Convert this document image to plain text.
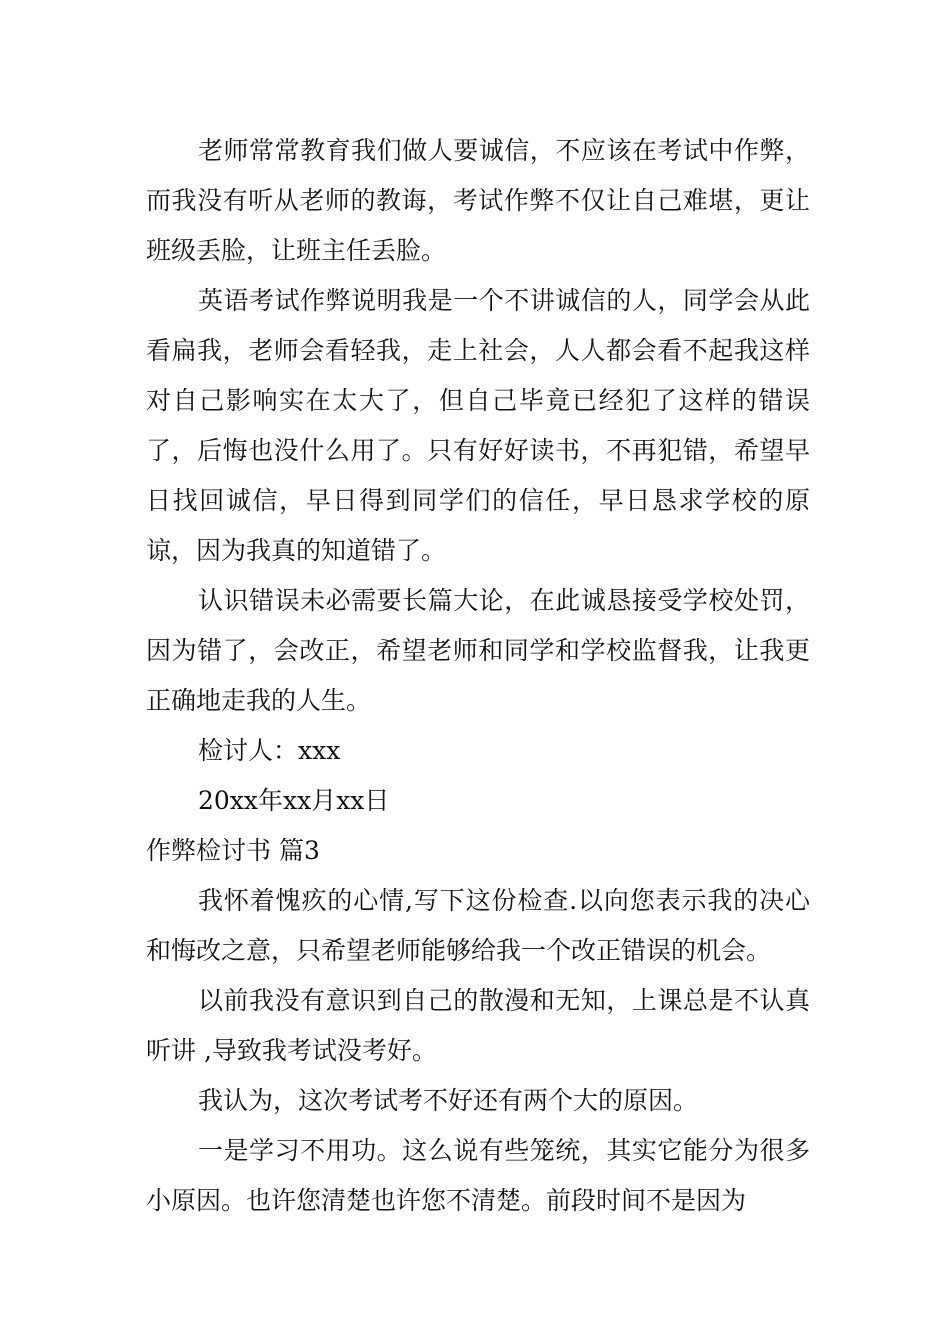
老师常常教育我们做人要诚信，不应该在考试中作弊，而我没有听从老师的教诲，考试作弊不仅让自己难堪，更让班级丢脸，让班主任丢脸。

英语考试作弊说明我是一个不讲诚信的人，同学会从此看扁我，老师会看轻我，走上社会，人人都会看不起我这样对自己影响实在太大了，但自己毕竟已经犯了这样的错误了，后悔也没什么用了。只有好好读书，不再犯错，希望早日找回诚信，早日得到同学们的信任，早日恳求学校的原谅，因为我真的知道错了。

认识错误未必需要长篇大论，在此诚恳接受学校处罚，因为错了，会改正，希望老师和同学和学校监督我，让我更正确地走我的人生。

检讨人：xxx

20xx年xx月xx日

作弊检讨书 篇3

我怀着愧疚的心情,写下这份检查.以向您表示我的决心和悔改之意，只希望老师能够给我一个改正错误的机会。

以前我没有意识到自己的散漫和无知，上课总是不认真听讲 ,导致我考试没考好。

我认为，这次考试考不好还有两个大的原因。

一是学习不用功。这么说有些笼统，其实它能分为很多小原因。也许您清楚也许您不清楚。前段时间不是因为
